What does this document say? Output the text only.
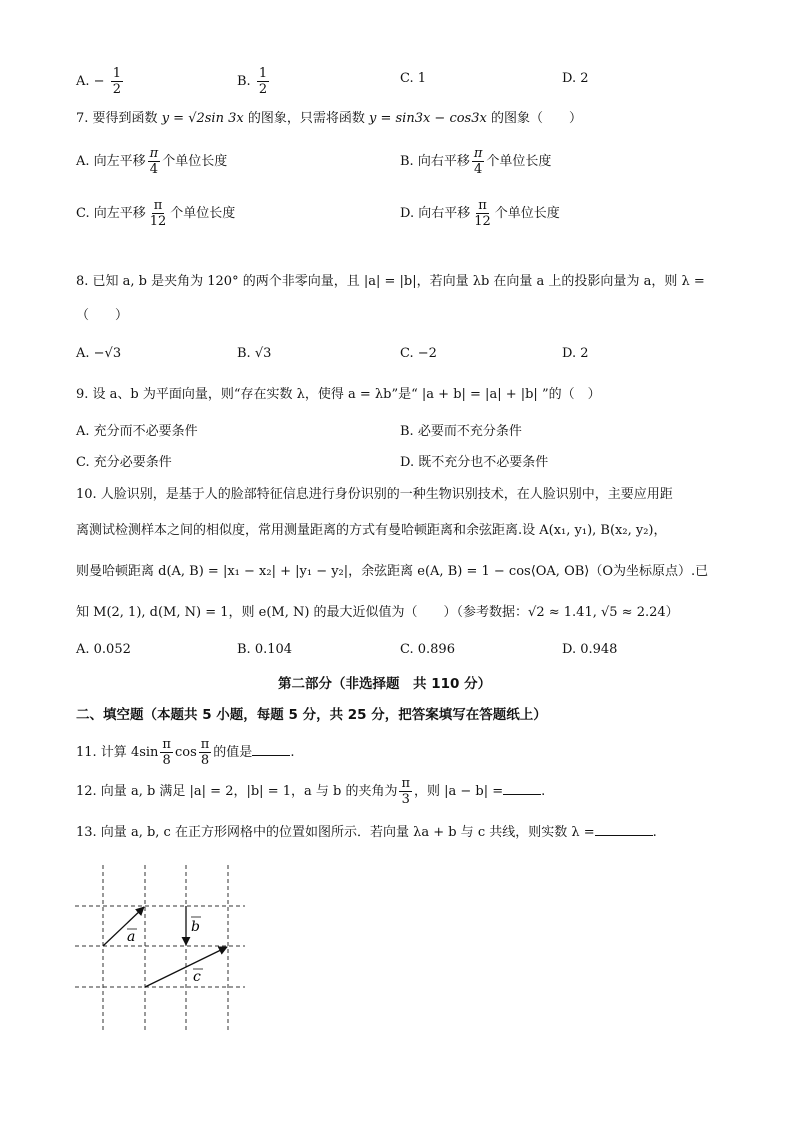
A. − $\frac{1}{2}$	B. $\frac{1}{2}$	C. 1	D. 2
7. 要得到函数 y = √2sin 3x 的图象，只需将函数 y = sin3x − cos3x 的图象（　　）
A. 向左平移 $\frac{\pi}{4}$ 个单位长度	B. 向右平移 $\frac{\pi}{4}$ 个单位长度
C. 向左平移 $\frac{\pi}{12}$ 个单位长度	D. 向右平移 $\frac{\pi}{12}$ 个单位长度
8. 已知 a, b 是夹角为 120° 的两个非零向量，且 |a| = |b|，若向量 λb 在向量 a 上的投影向量为 a，则 λ =
（　　）
A. −√3	B. √3	C. −2	D. 2
9. 设 a、b 为平面向量，则“存在实数 λ，使得 a = λb”是“ |a + b| = |a| + |b| ”的（　）
A. 充分而不必要条件	B. 必要而不充分条件
C. 充分必要条件	D. 既不充分也不必要条件
10. 人脸识别，是基于人的脸部特征信息进行身份识别的一种生物识别技术，在人脸识别中，主要应用距
离测试检测样本之间的相似度，常用测量距离的方式有曼哈顿距离和余弦距离.设 A(x₁, y₁), B(x₂, y₂)，
则曼哈顿距离 d(A, B) = |x₁ − x₂| + |y₁ − y₂|，余弦距离 e(A, B) = 1 − cos⟨OA, OB⟩（O为坐标原点）.已
知 M(2, 1), d(M, N) = 1，则 e(M, N) 的最大近似值为（　　）（参考数据：√2 ≈ 1.41, √5 ≈ 2.24）
A. 0.052	B. 0.104	C. 0.896	D. 0.948
第二部分（非选择题　共 110 分）
二、填空题（本题共 5 小题，每题 5 分，共 25 分，把答案填写在答题纸上）
11. 计算 $4\sin \frac{\pi}{8}$ $\cos \frac{\pi}{8}$ 的值是	.
12. 向量 a, b 满足 |a| = 2，|b| = 1，a 与 b 的夹角为 $\frac{\pi}{3}$ ，则 |a − b| =	.
13. 向量 a, b, c 在正方形网格中的位置如图所示．若向量 λa + b 与 c 共线，则实数 λ =	.
a
b
c
